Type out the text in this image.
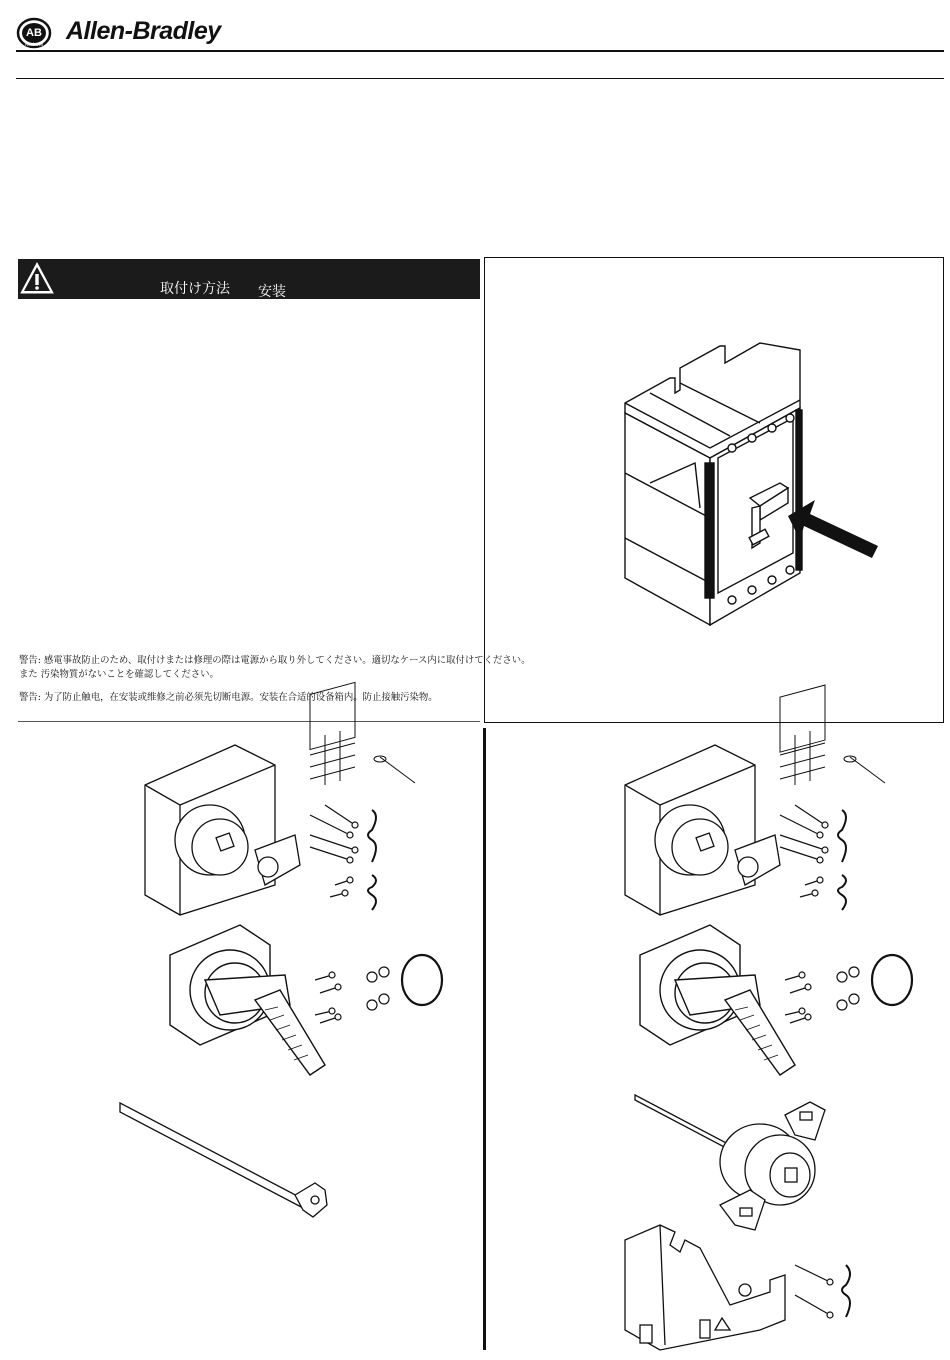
AB
Rockwell Allen-Bradley
取付け方法 安装
警告: 感電事故防止のため、取付けまたは修理の際は電源から取り外してください。適切なケース内に取付けてください。
また 汚染物質がないことを確認してください。
警告: 为了防止触电，在安装或维修之前必须先切断电源。安装在合适的设备箱内。防止接触污染物。
